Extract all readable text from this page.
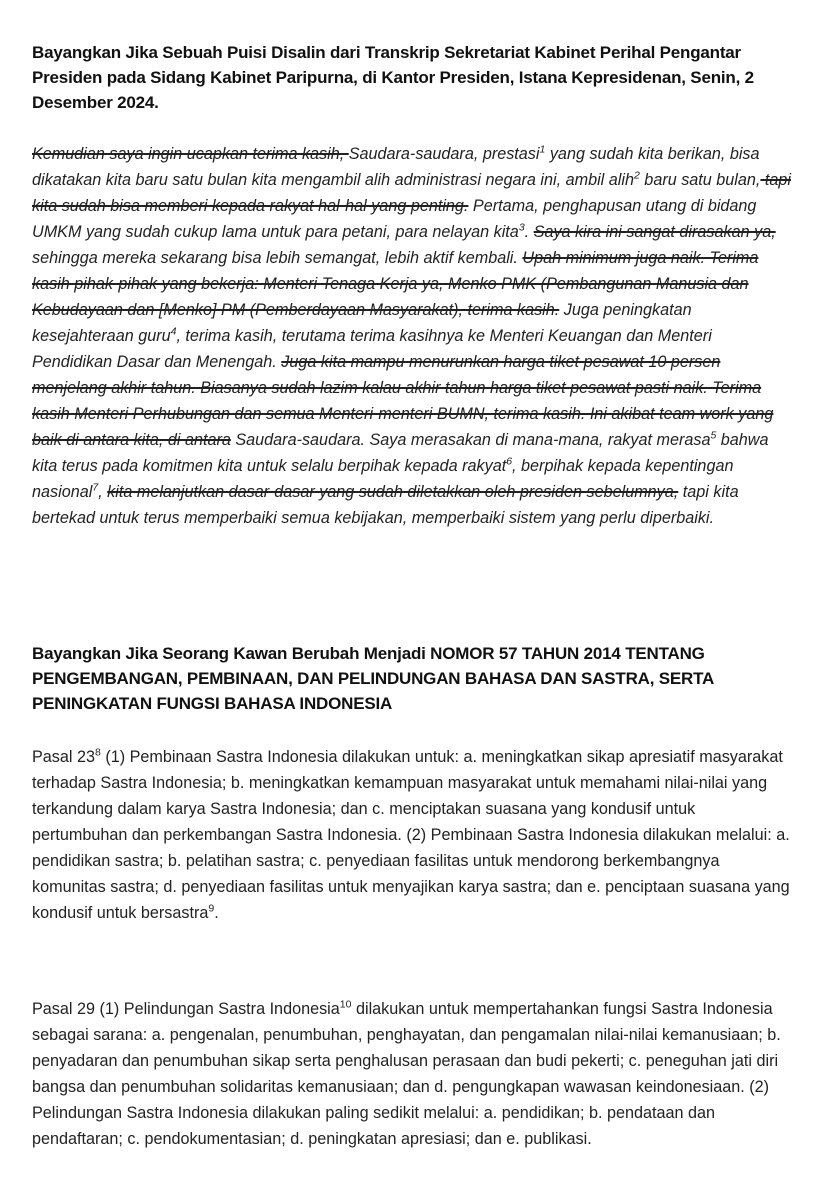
Bayangkan Jika Sebuah Puisi Disalin dari Transkrip Sekretariat Kabinet Perihal Pengantar Presiden pada Sidang Kabinet Paripurna, di Kantor Presiden, Istana Kepresidenan, Senin, 2 Desember 2024.

Kemudian saya ingin ucapkan terima kasih, Saudara-saudara, prestasi$^1$ yang sudah kita berikan, bisa dikatakan kita baru satu bulan kita mengambil alih administrasi negara ini, ambil alih$^2$ baru satu bulan, tapi kita sudah bisa memberi kepada rakyat hal-hal yang penting. Pertama, penghapusan utang di bidang UMKM yang sudah cukup lama untuk para petani, para nelayan kita$^3$. Saya kira ini sangat dirasakan ya, sehingga mereka sekarang bisa lebih semangat, lebih aktif kembali. Upah minimum juga naik. Terima kasih pihak-pihak yang bekerja: Menteri Tenaga Kerja ya, Menko PMK (Pembangunan Manusia dan Kebudayaan dan [Menko] PM (Pemberdayaan Masyarakat), terima kasih. Juga peningkatan kesejahteraan guru$^4$, terima kasih, terutama terima kasihnya ke Menteri Keuangan dan Menteri Pendidikan Dasar dan Menengah. Juga kita mampu menurunkan harga tiket pesawat 10 persen menjelang akhir tahun. Biasanya sudah lazim kalau akhir tahun harga tiket pesawat pasti naik. Terima kasih Menteri Perhubungan dan semua Menteri-menteri BUMN, terima kasih. Ini akibat team work yang baik di antara kita, di antara Saudara-saudara. Saya merasakan di mana-mana, rakyat merasa$^5$ bahwa kita terus pada komitmen kita untuk selalu berpihak kepada rakyat$^6$, berpihak kepada kepentingan nasional$^7$, kita melanjutkan dasar-dasar yang sudah diletakkan oleh presiden sebelumnya, tapi kita bertekad untuk terus memperbaiki semua kebijakan, memperbaiki sistem yang perlu diperbaiki.

Bayangkan Jika Seorang Kawan Berubah Menjadi NOMOR 57 TAHUN 2014 TENTANG PENGEMBANGAN, PEMBINAAN, DAN PELINDUNGAN BAHASA DAN SASTRA, SERTA PENINGKATAN FUNGSI BAHASA INDONESIA

Pasal $23^8$ (1) Pembinaan Sastra Indonesia dilakukan untuk: a. meningkatkan sikap apresiatif masyarakat terhadap Sastra Indonesia; b. meningkatkan kemampuan masyarakat untuk memahami nilai-nilai yang terkandung dalam karya Sastra Indonesia; dan c. menciptakan suasana yang kondusif untuk pertumbuhan dan perkembangan Sastra Indonesia. (2) Pembinaan Sastra Indonesia dilakukan melalui: a. pendidikan sastra; b. pelatihan sastra; c. penyediaan fasilitas untuk mendorong berkembangnya komunitas sastra; d. penyediaan fasilitas untuk menyajikan karya sastra; dan e. penciptaan suasana yang kondusif untuk bersastra$^9$.

Pasal 29 (1) Pelindungan Sastra Indonesia$^{10}$ dilakukan untuk mempertahankan fungsi Sastra Indonesia sebagai sarana: a. pengenalan, penumbuhan, penghayatan, dan pengamalan nilai-nilai kemanusiaan; b. penyadaran dan penumbuhan sikap serta penghalusan perasaan dan budi pekerti; c. peneguhan jati diri bangsa dan penumbuhan solidaritas kemanusiaan; dan d. pengungkapan wawasan keindonesiaan. (2) Pelindungan Sastra Indonesia dilakukan paling sedikit melalui: a. pendidikan; b. pendataan dan pendaftaran; c. pendokumentasian; d. peningkatan apresiasi; dan e. publikasi.
